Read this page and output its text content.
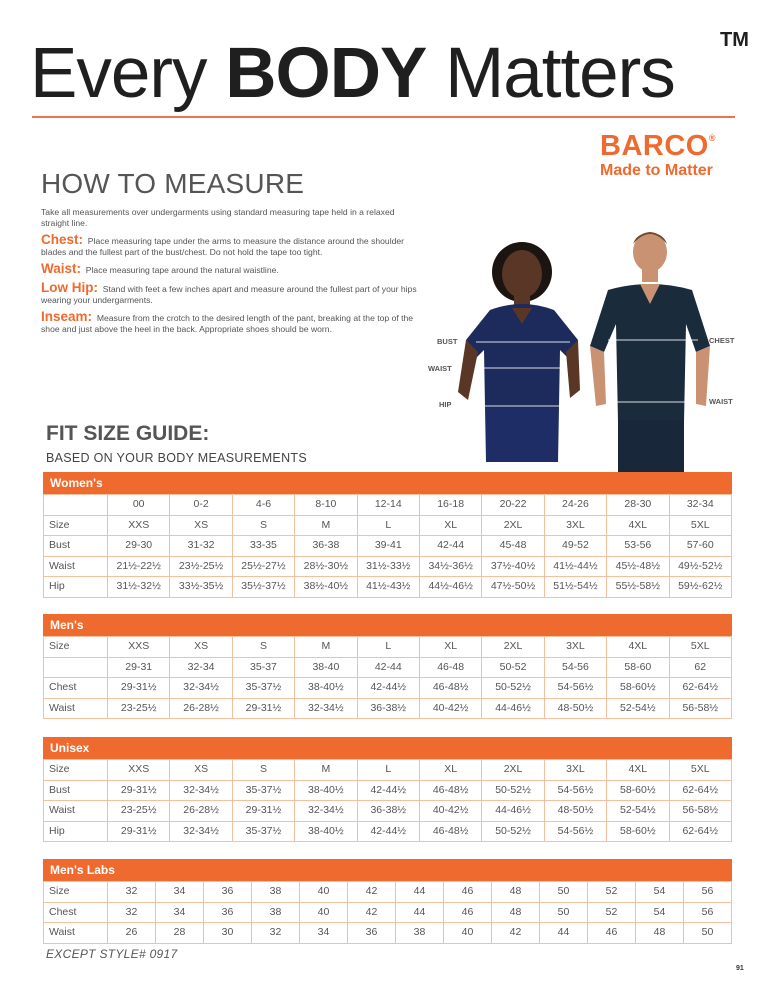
Every BODY Matters TM
BARCO®
Made to Matter
HOW TO MEASURE

Take all measurements over undergarments using standard measuring tape held in a relaxed straight line.

Chest: Place measuring tape under the arms to measure the distance around the shoulder blades and the fullest part of the bust/chest. Do not hold the tape too tight.

Waist: Place measuring tape around the natural waistline.

Low Hip: Stand with feet a few inches apart and measure around the fullest part of your hips wearing your undergarments.

Inseam: Measure from the crotch to the desired length of the pant, breaking at the top of the shoe and just above the heel in the back. Appropriate shoes should be worn.

BUST
WAIST
HIP
CHEST
WAIST
FIT SIZE GUIDE:
BASED ON YOUR BODY MEASUREMENTS
Women's
	00	0-2	4-6	8-10	12-14	16-18	20-22	24-26	28-30	32-34
Size	XXS	XS	S	M	L	XL	2XL	3XL	4XL	5XL
Bust	29-30	31-32	33-35	36-38	39-41	42-44	45-48	49-52	53-56	57-60
Waist	21½-22½	23½-25½	25½-27½	28½-30½	31½-33½	34½-36½	37½-40½	41½-44½	45½-48½	49½-52½
Hip	31½-32½	33½-35½	35½-37½	38½-40½	41½-43½	44½-46½	47½-50½	51½-54½	55½-58½	59½-62½
Men's
Size	XXS	XS	S	M	L	XL	2XL	3XL	4XL	5XL
	29-31	32-34	35-37	38-40	42-44	46-48	50-52	54-56	58-60	62
Chest	29-31½	32-34½	35-37½	38-40½	42-44½	46-48½	50-52½	54-56½	58-60½	62-64½
Waist	23-25½	26-28½	29-31½	32-34½	36-38½	40-42½	44-46½	48-50½	52-54½	56-58½
Unisex
Size	XXS	XS	S	M	L	XL	2XL	3XL	4XL	5XL
Bust	29-31½	32-34½	35-37½	38-40½	42-44½	46-48½	50-52½	54-56½	58-60½	62-64½
Waist	23-25½	26-28½	29-31½	32-34½	36-38½	40-42½	44-46½	48-50½	52-54½	56-58½
Hip	29-31½	32-34½	35-37½	38-40½	42-44½	46-48½	50-52½	54-56½	58-60½	62-64½
Men's Labs
Size	32	34	36	38	40	42	44	46	48	50	52	54	56
Chest	32	34	36	38	40	42	44	46	48	50	52	54	56
Waist	26	28	30	32	34	36	38	40	42	44	46	48	50
EXCEPT STYLE# 0917
91
